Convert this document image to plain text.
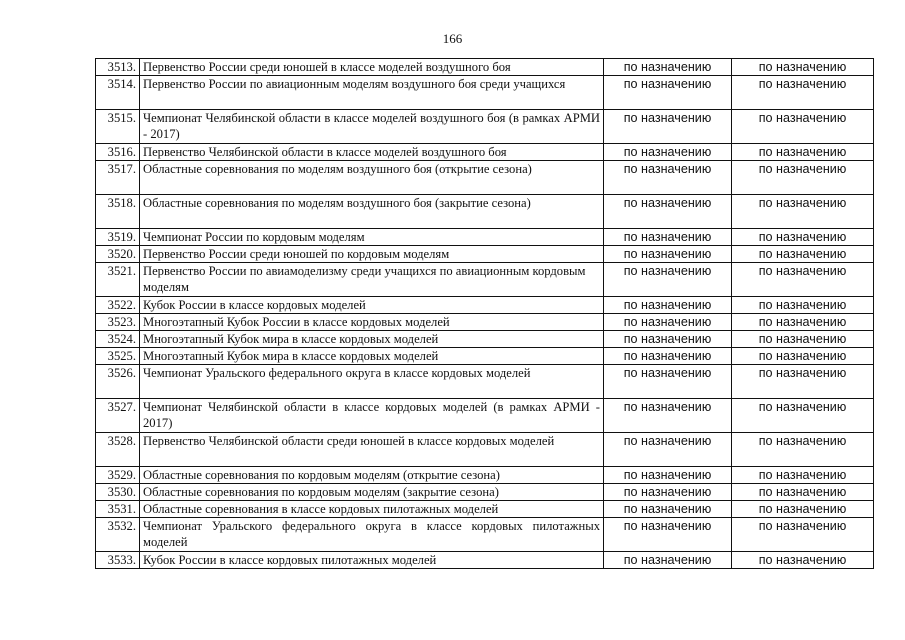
166
3513.	Первенство России среди юношей в классе моделей воздушного боя	по назначению	по назначению
3514.	Первенство России по авиационным моделям воздушного боя среди учащихся	по назначению	по назначению
3515.	Чемпионат Челябинской области в классе моделей воздушного боя (в рамках АРМИ - 2017)	по назначению	по назначению
3516.	Первенство Челябинской области в классе моделей воздушного боя	по назначению	по назначению
3517.	Областные соревнования по моделям воздушного боя (открытие сезона)	по назначению	по назначению
3518.	Областные соревнования по моделям воздушного боя (закрытие сезона)	по назначению	по назначению
3519.	Чемпионат России по кордовым моделям	по назначению	по назначению
3520.	Первенство России среди юношей по кордовым моделям	по назначению	по назначению
3521.	Первенство России по авиамоделизму среди учащихся по авиационным кордовым моделям	по назначению	по назначению
3522.	Кубок России в классе кордовых моделей	по назначению	по назначению
3523.	Многоэтапный Кубок России в классе кордовых моделей	по назначению	по назначению
3524.	Многоэтапный Кубок мира в классе кордовых моделей	по назначению	по назначению
3525.	Многоэтапный Кубок мира в классе кордовых моделей	по назначению	по назначению
3526.	Чемпионат Уральского федерального округа в классе кордовых моделей	по назначению	по назначению
3527.	Чемпионат Челябинской области в классе кордовых моделей (в рамках АРМИ - 2017)	по назначению	по назначению
3528.	Первенство Челябинской области среди юношей в классе кордовых моделей	по назначению	по назначению
3529.	Областные соревнования по кордовым моделям (открытие сезона)	по назначению	по назначению
3530.	Областные соревнования по кордовым моделям (закрытие сезона)	по назначению	по назначению
3531.	Областные соревнования в классе кордовых пилотажных моделей	по назначению	по назначению
3532.	Чемпионат Уральского федерального округа в классе кордовых пилотажных моделей	по назначению	по назначению
3533.	Кубок России в классе кордовых пилотажных моделей	по назначению	по назначению
